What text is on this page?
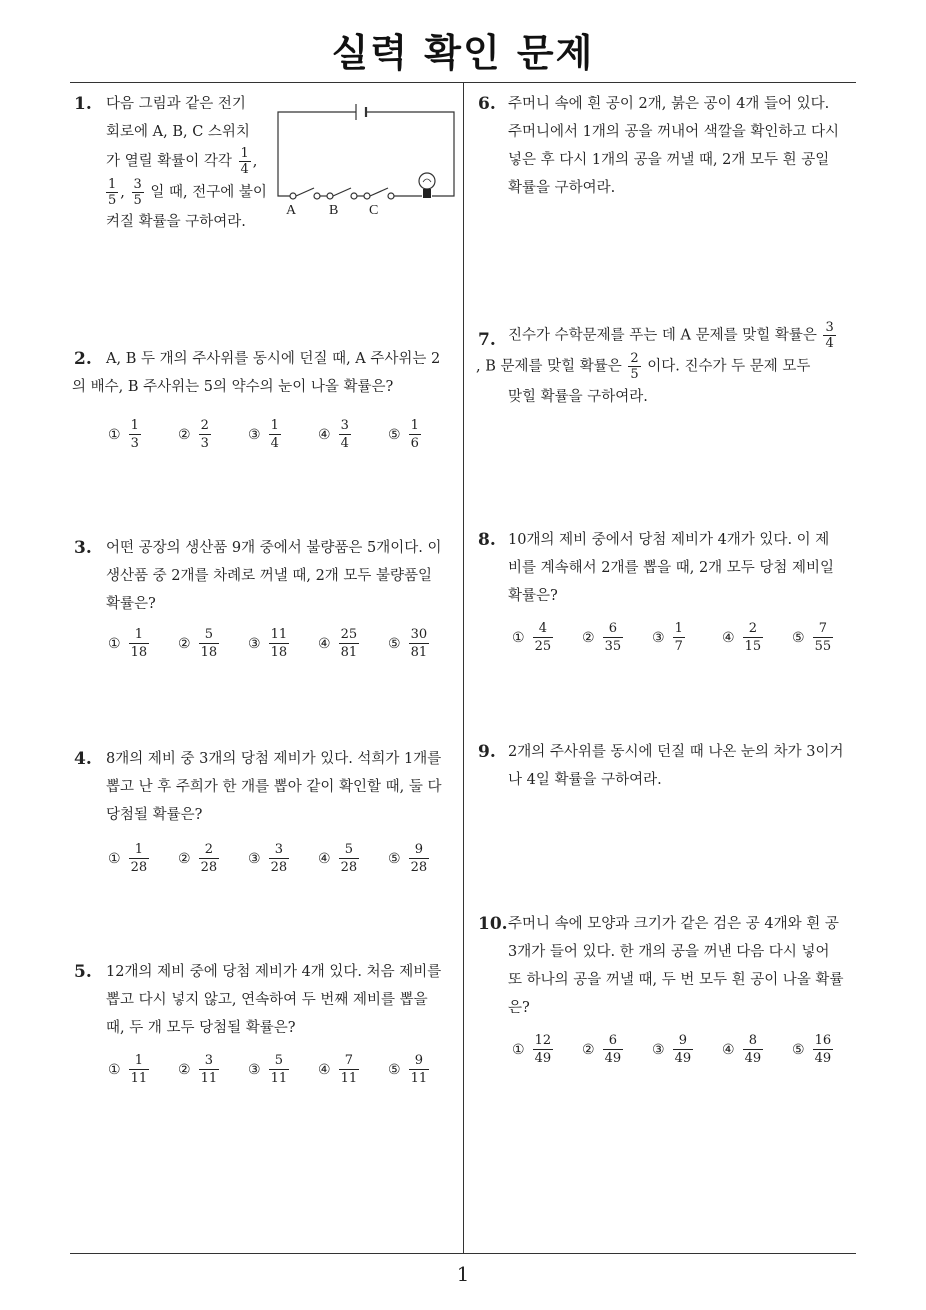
실력 확인 문제
1. 다음 그림과 같은 전기
회로에 A, B, C 스위치
가 열릴 확률이 각각 $\frac{1}{4}$ ,
$\frac{1}{5}$ , $\frac{3}{5}$ 일 때, 전구에 불이
켜질 확률을 구하여라.
A B C
2. A, B 두 개의 주사위를 동시에 던질 때, A 주사위는 2
의 배수, B 주사위는 5의 약수의 눈이 나올 확률은?
① $\frac{1}{3}$	② $\frac{2}{3}$	③ $\frac{1}{4}$	④ $\frac{3}{4}$	⑤ $\frac{1}{6}$
3. 어떤 공장의 생산품 9개 중에서 불량품은 5개이다. 이
생산품 중 2개를 차례로 꺼낼 때, 2개 모두 불량품일
확률은?
① $\frac{1}{18}$ ② $\frac{5}{18}$ ③ $\frac{11}{18}$ ④ $\frac{25}{81}$ ⑤ $\frac{30}{81}$
4. 8개의 제비 중 3개의 당첨 제비가 있다. 석희가 1개를
뽑고 난 후 주희가 한 개를 뽑아 같이 확인할 때, 둘 다
당첨될 확률은?
① $\frac{1}{28}$ ② $\frac{2}{28}$ ③ $\frac{3}{28}$ ④ $\frac{5}{28}$ ⑤ $\frac{9}{28}$
5. 12개의 제비 중에 당첨 제비가 4개 있다. 처음 제비를
뽑고 다시 넣지 않고, 연속하여 두 번째 제비를 뽑을
때, 두 개 모두 당첨될 확률은?
① $\frac{1}{11}$ ② $\frac{3}{11}$ ③ $\frac{5}{11}$ ④ $\frac{7}{11}$ ⑤ $\frac{9}{11}$
6. 주머니 속에 흰 공이 2개, 붉은 공이 4개 들어 있다.
주머니에서 1개의 공을 꺼내어 색깔을 확인하고 다시
넣은 후 다시 1개의 공을 꺼낼 때, 2개 모두 흰 공일
확률을 구하여라.
7. 진수가 수학문제를 푸는 데 A 문제를 맞힐 확률은 $\frac{3}{4}$
, B 문제를 맞힐 확률은 $\frac{2}{5}$ 이다. 진수가 두 문제 모두
맞힐 확률을 구하여라.
8. 10개의 제비 중에서 당첨 제비가 4개가 있다. 이 제
비를 계속해서 2개를 뽑을 때, 2개 모두 당첨 제비일
확률은?
① $\frac{4}{25}$ ② $\frac{6}{35}$ ③ $\frac{1}{7}$	④ $\frac{2}{15}$ ⑤ $\frac{7}{55}$
9. 2개의 주사위를 동시에 던질 때 나온 눈의 차가 3이거
나 4일 확률을 구하여라.
10. 주머니 속에 모양과 크기가 같은 검은 공 4개와 흰 공
3개가 들어 있다. 한 개의 공을 꺼낸 다음 다시 넣어
또 하나의 공을 꺼낼 때, 두 번 모두 흰 공이 나올 확률
은?
① $\frac{12}{49}$ ② $\frac{6}{49}$ ③ $\frac{9}{49}$ ④ $\frac{8}{49}$ ⑤ $\frac{16}{49}$
1
